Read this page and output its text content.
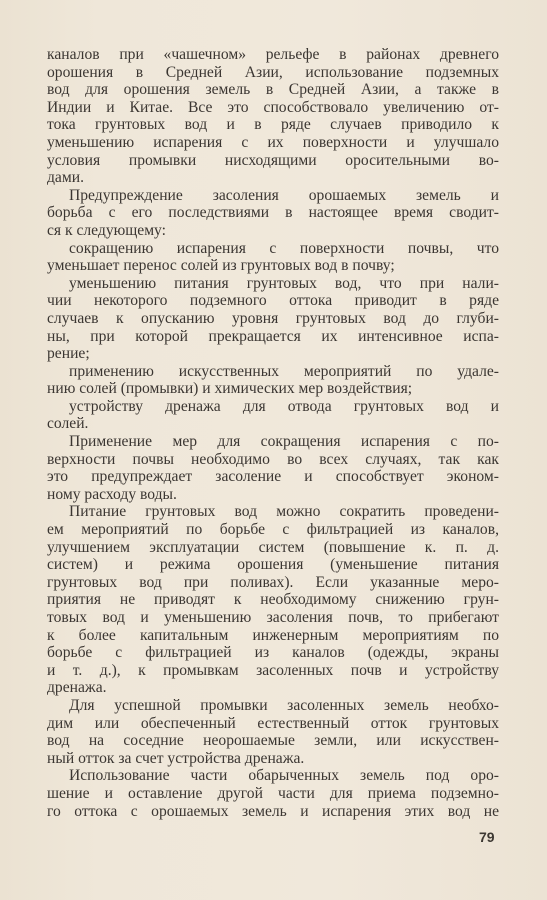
каналов при «чашечном» рельефе в районах древнего
орошения в Средней Азии, использование подземных
вод для орошения земель в Средней Азии, а также в
Индии и Китае. Все это способствовало увеличению от-
тока грунтовых вод и в ряде случаев приводило к
уменьшению испарения с их поверхности и улучшало
условия промывки нисходящими оросительными во-
дами.
Предупреждение засоления орошаемых земель и
борьба с его последствиями в настоящее время сводит-
ся к следующему:
сокращению испарения с поверхности почвы, что
уменьшает перенос солей из грунтовых вод в почву;
уменьшению питания грунтовых вод, что при нали-
чии некоторого подземного оттока приводит в ряде
случаев к опусканию уровня грунтовых вод до глуби-
ны, при которой прекращается их интенсивное испа-
рение;
применению искусственных мероприятий по удале-
нию солей (промывки) и химических мер воздействия;
устройству дренажа для отвода грунтовых вод и
солей.
Применение мер для сокращения испарения с по-
верхности почвы необходимо во всех случаях, так как
это предупреждает засоление и способствует эконом-
ному расходу воды.
Питание грунтовых вод можно сократить проведени-
ем мероприятий по борьбе с фильтрацией из каналов,
улучшением эксплуатации систем (повышение к. п. д.
систем) и режима орошения (уменьшение питания
грунтовых вод при поливах). Если указанные меро-
приятия не приводят к необходимому снижению грун-
товых вод и уменьшению засоления почв, то прибегают
к более капитальным инженерным мероприятиям по
борьбе с фильтрацией из каналов (одежды, экраны
и т. д.), к промывкам засоленных почв и устройству
дренажа.
Для успешной промывки засоленных земель необхо-
дим или обеспеченный естественный отток грунтовых
вод на соседние неорошаемые земли, или искусствен-
ный отток за счет устройства дренажа.
Использование части обарыченных земель под оро-
шение и оставление другой части для приема подземно-
го оттока с орошаемых земель и испарения этих вод не
79
